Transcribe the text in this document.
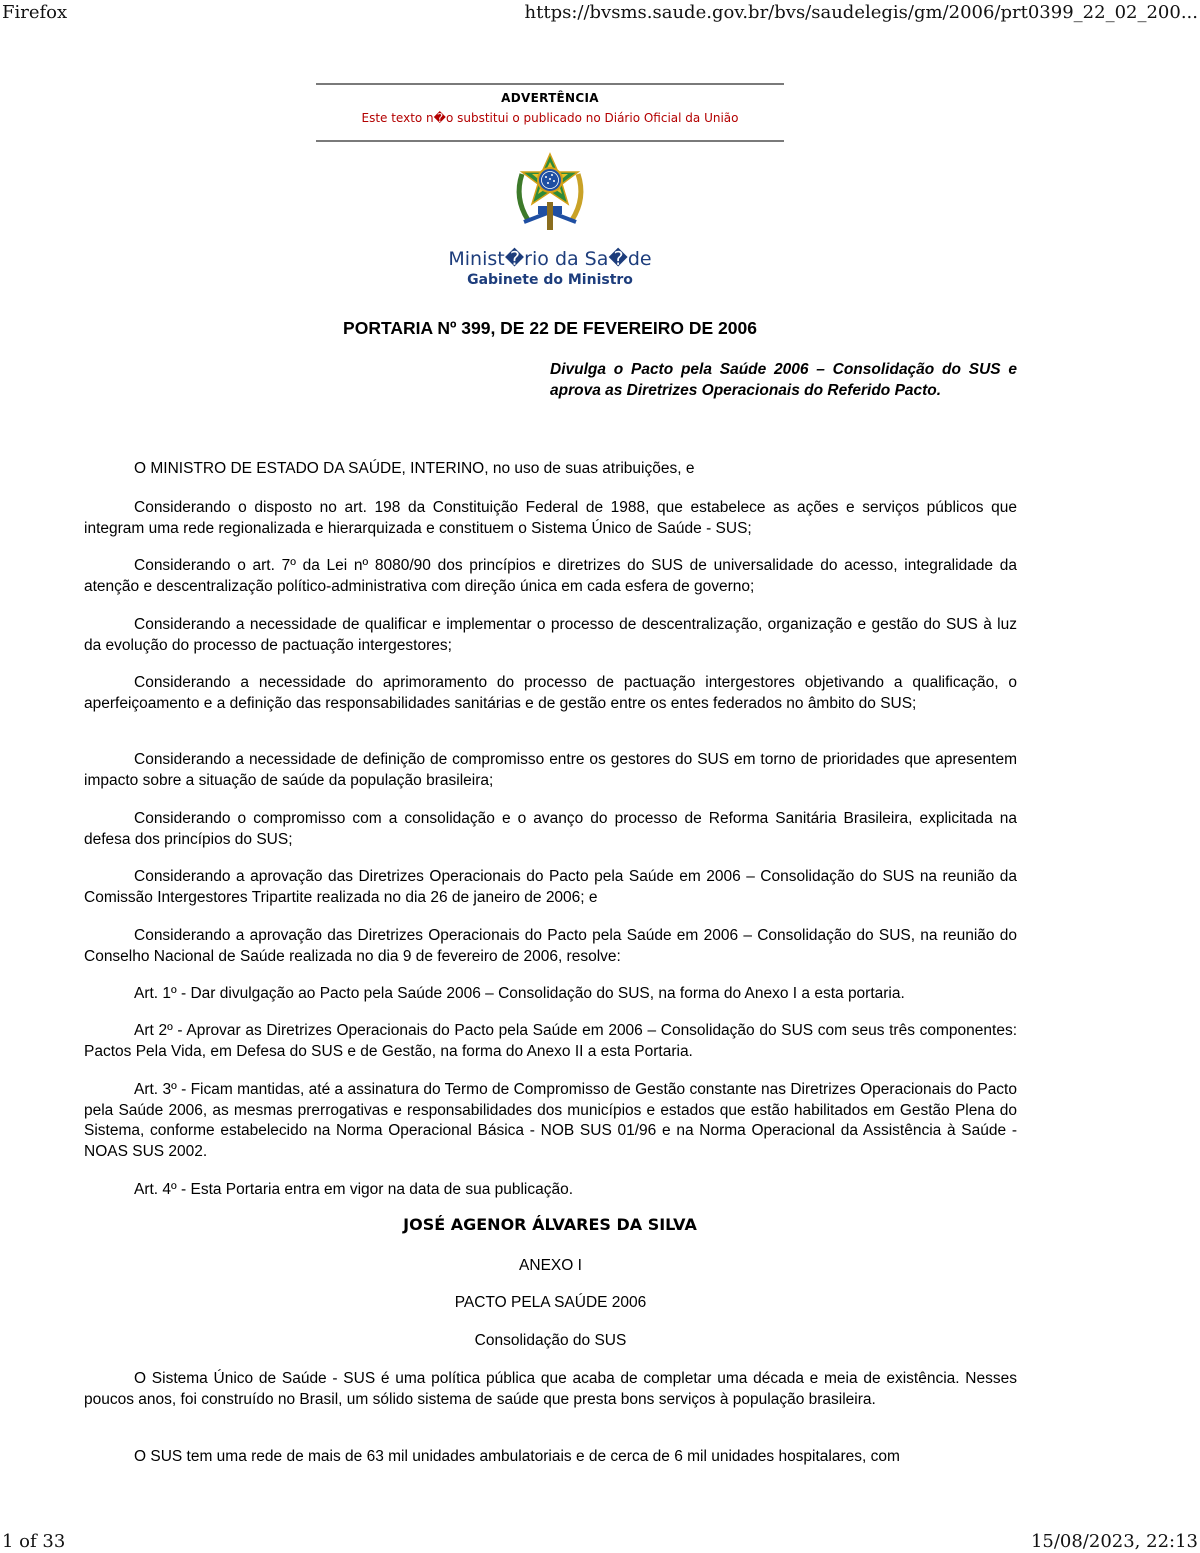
Firefox	https://bvsms.saude.gov.br/bvs/saudelegis/gm/2006/prt0399_22_02_200...
ADVERTÊNCIA
Este texto n�o substitui o publicado no Diário Oficial da União
Minist�rio da Sa�de
Gabinete do Ministro
PORTARIA Nº 399, DE 22 DE FEVEREIRO DE 2006
Divulga o Pacto pela Saúde 2006 – Consolidação do SUS e aprova as Diretrizes Operacionais do Referido Pacto.

O MINISTRO DE ESTADO DA SAÚDE, INTERINO, no uso de suas atribuições, e

Considerando o disposto no art. 198 da Constituição Federal de 1988, que estabelece as ações e serviços públicos que integram uma rede regionalizada e hierarquizada e constituem o Sistema Único de Saúde - SUS;

Considerando o art. 7º da Lei nº 8080/90 dos princípios e diretrizes do SUS de universalidade do acesso, integralidade da atenção e descentralização político-administrativa com direção única em cada esfera de governo;

Considerando a necessidade de qualificar e implementar o processo de descentralização, organização e gestão do SUS à luz da evolução do processo de pactuação intergestores;

Considerando a necessidade do aprimoramento do processo de pactuação intergestores objetivando a qualificação, o aperfeiçoamento e a definição das responsabilidades sanitárias e de gestão entre os entes federados no âmbito do SUS;

Considerando a necessidade de definição de compromisso entre os gestores do SUS em torno de prioridades que apresentem impacto sobre a situação de saúde da população brasileira;

Considerando o compromisso com a consolidação e o avanço do processo de Reforma Sanitária Brasileira, explicitada na defesa dos princípios do SUS;

Considerando a aprovação das Diretrizes Operacionais do Pacto pela Saúde em 2006 – Consolidação do SUS na reunião da Comissão Intergestores Tripartite realizada no dia 26 de janeiro de 2006; e

Considerando a aprovação das Diretrizes Operacionais do Pacto pela Saúde em 2006 – Consolidação do SUS, na reunião do Conselho Nacional de Saúde realizada no dia 9 de fevereiro de 2006, resolve:

Art. 1º - Dar divulgação ao Pacto pela Saúde 2006 – Consolidação do SUS, na forma do Anexo I a esta portaria.

Art 2º - Aprovar as Diretrizes Operacionais do Pacto pela Saúde em 2006 – Consolidação do SUS com seus três componentes: Pactos Pela Vida, em Defesa do SUS e de Gestão, na forma do Anexo II a esta Portaria.

Art. 3º - Ficam mantidas, até a assinatura do Termo de Compromisso de Gestão constante nas Diretrizes Operacionais do Pacto pela Saúde 2006, as mesmas prerrogativas e responsabilidades dos municípios e estados que estão habilitados em Gestão Plena do Sistema, conforme estabelecido na Norma Operacional Básica - NOB SUS 01/96 e na Norma Operacional da Assistência à Saúde - NOAS SUS 2002.

Art. 4º - Esta Portaria entra em vigor na data de sua publicação.

JOSÉ AGENOR ÁLVARES DA SILVA
ANEXO I
PACTO PELA SAÚDE 2006
Consolidação do SUS

O Sistema Único de Saúde - SUS é uma política pública que acaba de completar uma década e meia de existência. Nesses poucos anos, foi construído no Brasil, um sólido sistema de saúde que presta bons serviços à população brasileira.

O SUS tem uma rede de mais de 63 mil unidades ambulatoriais e de cerca de 6 mil unidades hospitalares, com

1 of 33	15/08/2023, 22:13
